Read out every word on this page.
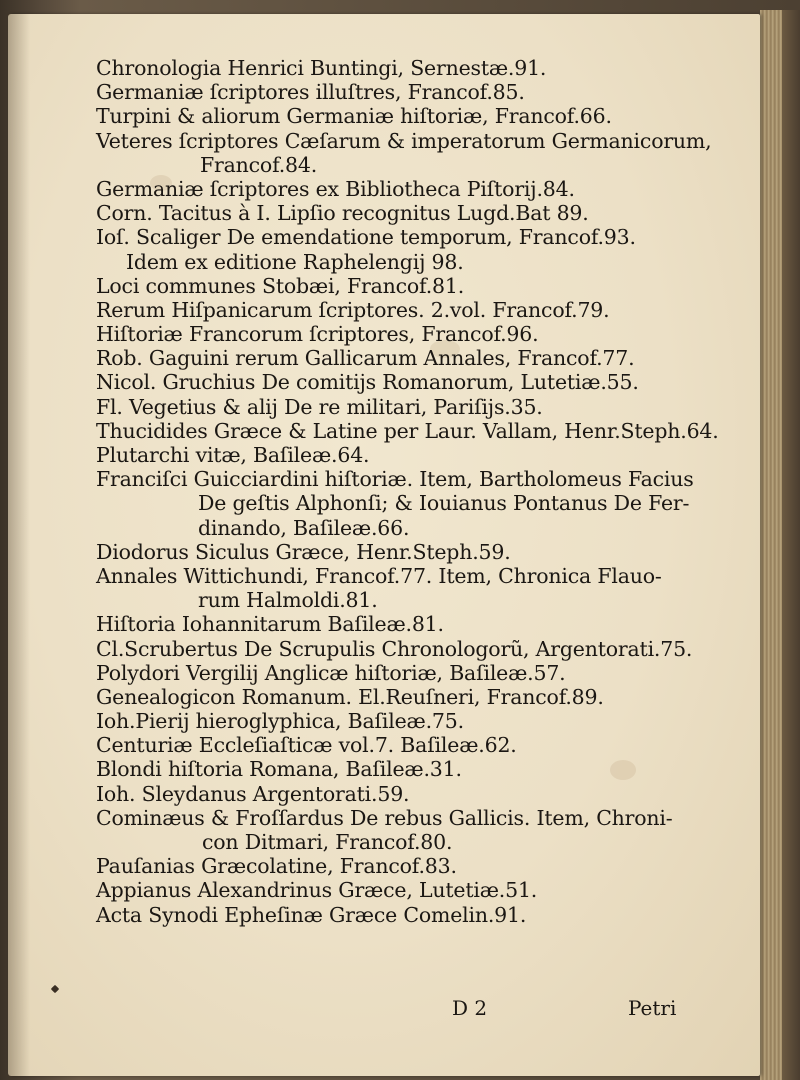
Chronologia Henrici Buntingi, Sernestæ.91.
Germaniæ ſcriptores illuſtres, Francof.85.
Turpini & aliorum Germaniæ hiſtoriæ, Francof.66.
Veteres ſcriptores Cæſarum & imperatorum Germanicorum,
Francof.84.
Germaniæ ſcriptores ex Bibliotheca Piſtorij.84.
Corn. Tacitus à I. Lipſio recognitus Lugd.Bat 89.
Ioſ. Scaliger De emendatione temporum, Francof.93.
Idem ex editione Raphelengij 98.
Loci communes Stobæi, Francof.81.
Rerum Hiſpanicarum ſcriptores. 2.vol. Francof.79.
Hiſtoriæ Francorum ſcriptores, Francof.96.
Rob. Gaguini rerum Gallicarum Annales, Francof.77.
Nicol. Gruchius De comitijs Romanorum, Lutetiæ.55.
Fl. Vegetius & alij De re militari, Pariſijs.35.
Thucidides Græce & Latine per Laur. Vallam, Henr.Steph.64.
Plutarchi vitæ, Baſileæ.64.
Franciſci Guicciardini hiſtoriæ. Item, Bartholomeus Facius
De geſtis Alphonſi; & Iouianus Pontanus De Fer-
dinando, Baſileæ.66.
Diodorus Siculus Græce, Henr.Steph.59.
Annales Wittichundi, Francof.77. Item, Chronica Flauo-
rum Halmoldi.81.
Hiſtoria Iohannitarum Baſileæ.81.
Cl.Scrubertus De Scrupulis Chronologorũ, Argentorati.75.
Polydori Vergilij Anglicæ hiſtoriæ, Baſileæ.57.
Genealogicon Romanum. El.Reuſneri, Francof.89.
Ioh.Pierij hieroglyphica, Baſileæ.75.
Centuriæ Eccleſiaſticæ vol.7. Baſileæ.62.
Blondi hiſtoria Romana, Baſileæ.31.
Ioh. Sleydanus Argentorati.59.
Cominæus & Froſſardus De rebus Gallicis. Item, Chroni-
con Ditmari, Francof.80.
Pauſanias Græcolatine, Francof.83.
Appianus Alexandrinus Græce, Lutetiæ.51.
Acta Synodi Epheſinæ Græce Comelin.91.
D 2	Petri
